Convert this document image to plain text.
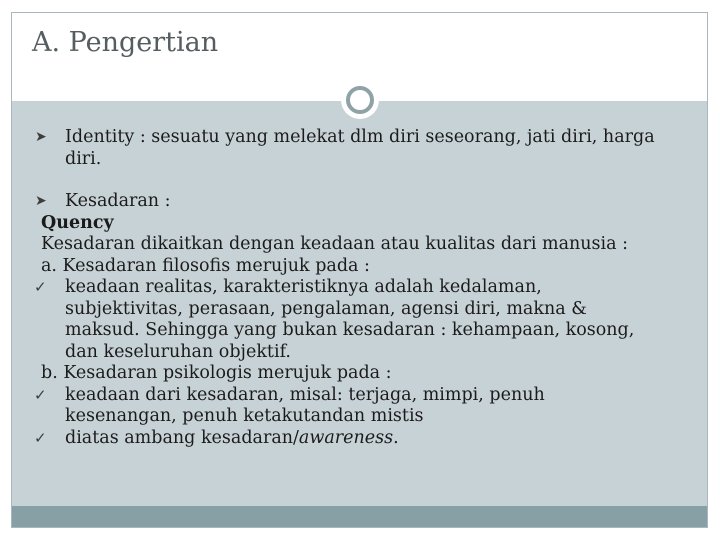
A. Pengertian
➤	Identity : sesuatu yang melekat dlm diri seseorang, jati diri, harga
diri.
➤	Kesadaran :
Quency
Kesadaran dikaitkan dengan keadaan atau kualitas dari manusia :
a. Kesadaran filosofis merujuk pada :
✓	keadaan realitas, karakteristiknya adalah kedalaman,
subjektivitas, perasaan, pengalaman, agensi diri, makna &
maksud. Sehingga yang bukan kesadaran : kehampaan, kosong,
dan keseluruhan objektif.
b. Kesadaran psikologis merujuk pada :
✓	keadaan dari kesadaran, misal: terjaga, mimpi, penuh
kesenangan, penuh ketakutandan mistis
✓	diatas ambang kesadaran/awareness.
